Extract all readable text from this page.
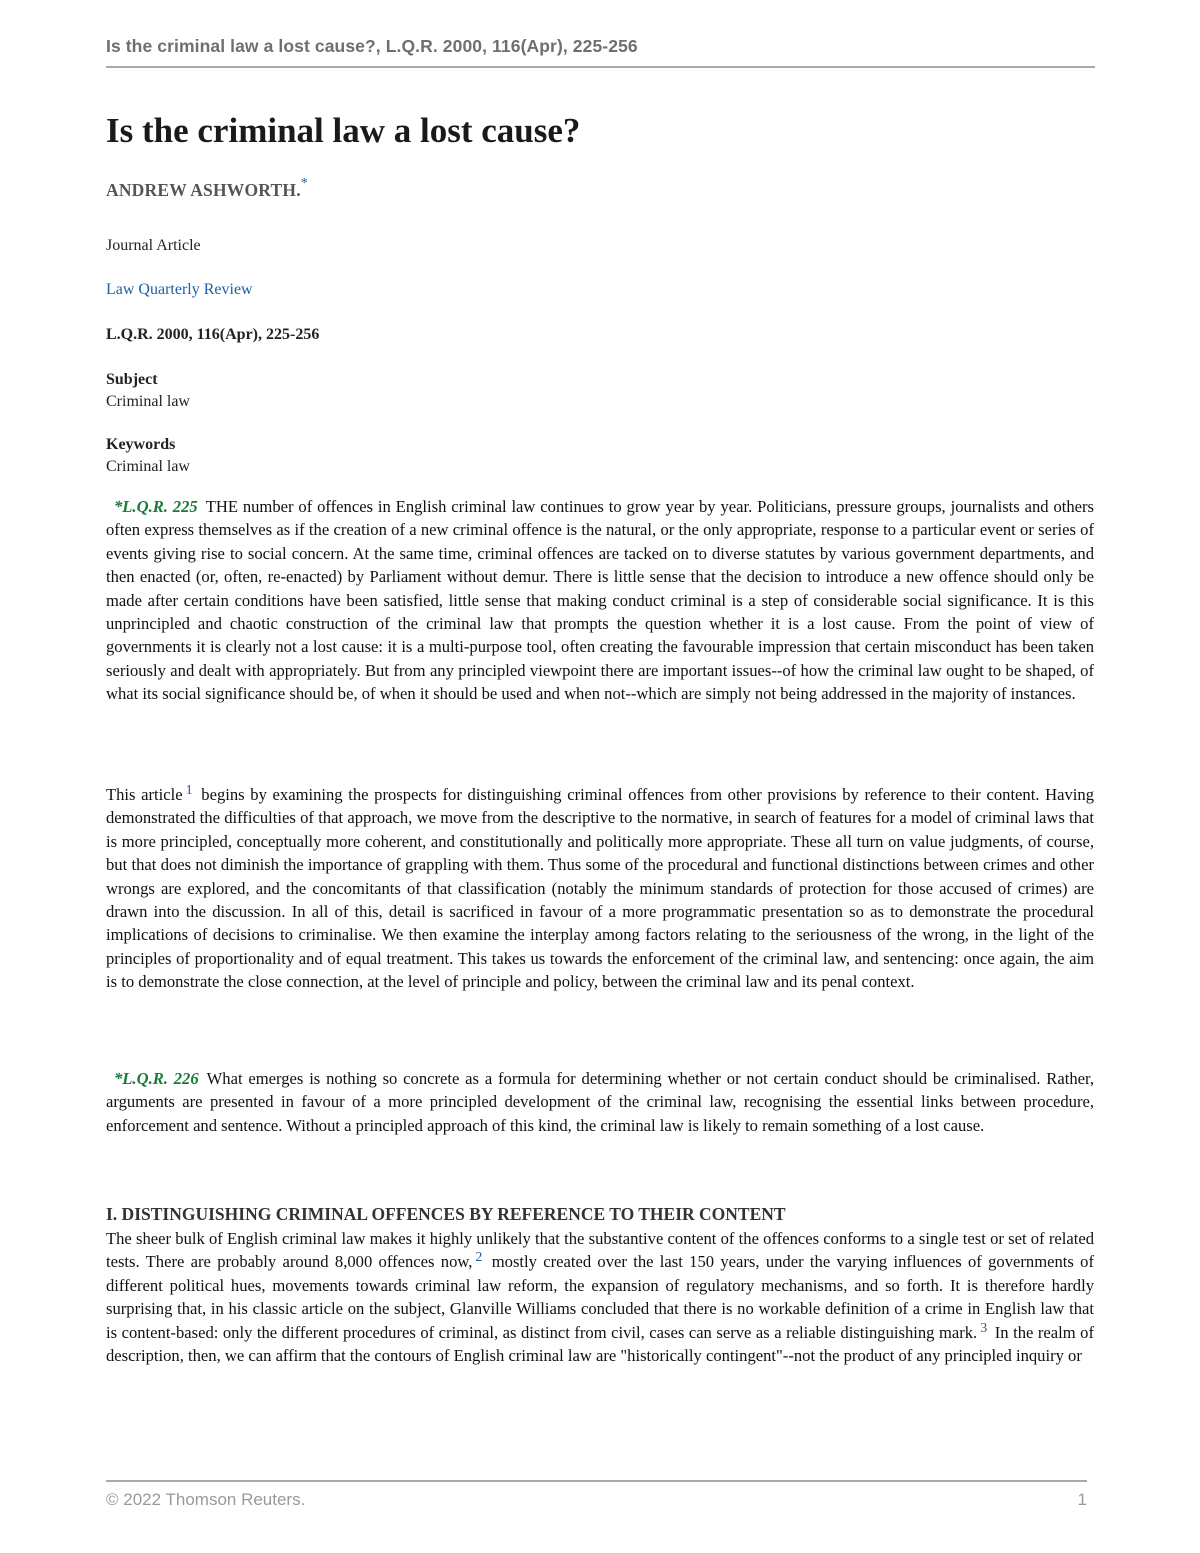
Is the criminal law a lost cause?, L.Q.R. 2000, 116(Apr), 225-256
Is the criminal law a lost cause?
ANDREW ASHWORTH.*
Journal Article
Law Quarterly Review
L.Q.R. 2000, 116(Apr), 225-256
Subject
Criminal law
Keywords
Criminal law
*L.Q.R. 225 THE number of offences in English criminal law continues to grow year by year. Politicians, pressure groups, journalists and others often express themselves as if the creation of a new criminal offence is the natural, or the only appropriate, response to a particular event or series of events giving rise to social concern. At the same time, criminal offences are tacked on to diverse statutes by various government departments, and then enacted (or, often, re-enacted) by Parliament without demur. There is little sense that the decision to introduce a new offence should only be made after certain conditions have been satisfied, little sense that making conduct criminal is a step of considerable social significance. It is this unprincipled and chaotic construction of the criminal law that prompts the question whether it is a lost cause. From the point of view of governments it is clearly not a lost cause: it is a multi-purpose tool, often creating the favourable impression that certain misconduct has been taken seriously and dealt with appropriately. But from any principled viewpoint there are important issues--of how the criminal law ought to be shaped, of what its social significance should be, of when it should be used and when not--which are simply not being addressed in the majority of instances.
This article $^1$ begins by examining the prospects for distinguishing criminal offences from other provisions by reference to their content. Having demonstrated the difficulties of that approach, we move from the descriptive to the normative, in search of features for a model of criminal laws that is more principled, conceptually more coherent, and constitutionally and politically more appropriate. These all turn on value judgments, of course, but that does not diminish the importance of grappling with them. Thus some of the procedural and functional distinctions between crimes and other wrongs are explored, and the concomitants of that classification (notably the minimum standards of protection for those accused of crimes) are drawn into the discussion. In all of this, detail is sacrificed in favour of a more programmatic presentation so as to demonstrate the procedural implications of decisions to criminalise. We then examine the interplay among factors relating to the seriousness of the wrong, in the light of the principles of proportionality and of equal treatment. This takes us towards the enforcement of the criminal law, and sentencing: once again, the aim is to demonstrate the close connection, at the level of principle and policy, between the criminal law and its penal context.
*L.Q.R. 226 What emerges is nothing so concrete as a formula for determining whether or not certain conduct should be criminalised. Rather, arguments are presented in favour of a more principled development of the criminal law, recognising the essential links between procedure, enforcement and sentence. Without a principled approach of this kind, the criminal law is likely to remain something of a lost cause.
I. DISTINGUISHING CRIMINAL OFFENCES BY REFERENCE TO THEIR CONTENT
The sheer bulk of English criminal law makes it highly unlikely that the substantive content of the offences conforms to a single test or set of related tests. There are probably around 8,000 offences now, $^2$ mostly created over the last 150 years, under the varying influences of governments of different political hues, movements towards criminal law reform, the expansion of regulatory mechanisms, and so forth. It is therefore hardly surprising that, in his classic article on the subject, Glanville Williams concluded that there is no workable definition of a crime in English law that is content-based: only the different procedures of criminal, as distinct from civil, cases can serve as a reliable distinguishing mark. $^3$ In the realm of description, then, we can affirm that the contours of English criminal law are "historically contingent"--not the product of any principled inquiry or
© 2022 Thomson Reuters.	1
